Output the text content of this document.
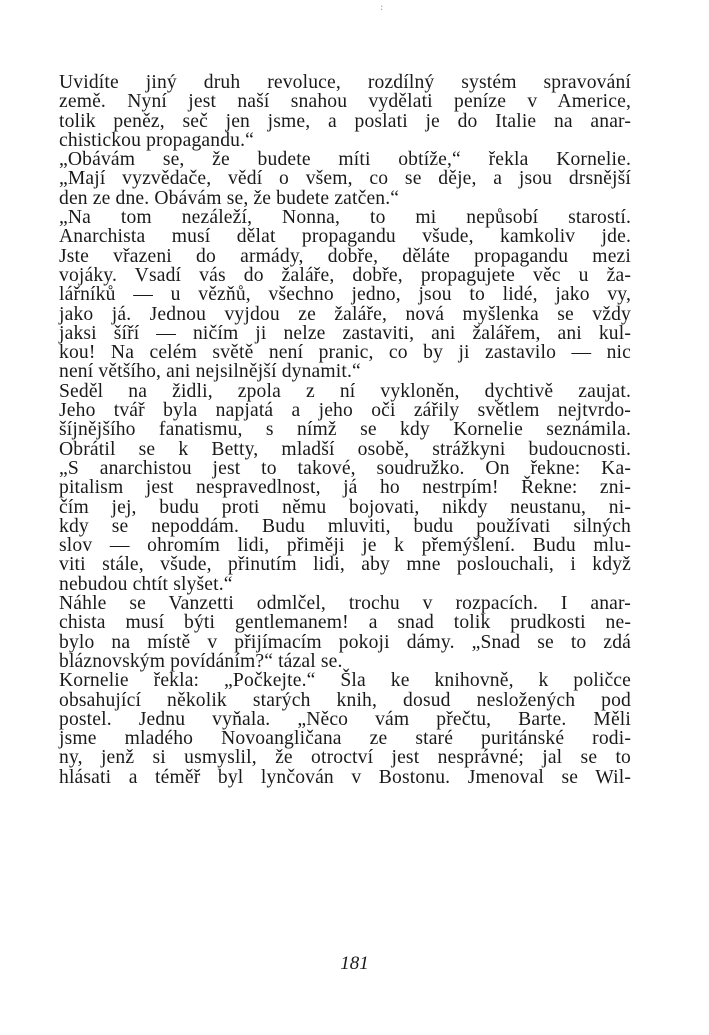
:
Uvidíte jiný druh revoluce, rozdílný systém spravování
země. Nyní jest naší snahou vydělati peníze v Americe,
tolik peněz, seč jen jsme, a poslati je do Italie na anar-
chistickou propagandu.“
„Obávám se, že budete míti obtíže,“ řekla Kornelie.
„Mají vyzvědače, vědí o všem, co se děje, a jsou drsnější
den ze dne. Obávám se, že budete zatčen.“
„Na tom nezáleží, Nonna, to mi nepůsobí starostí.
Anarchista musí dělat propagandu všude, kamkoliv jde.
Jste vřazeni do armády, dobře, děláte propagandu mezi
vojáky. Vsadí vás do žaláře, dobře, propagujete věc u ža-
lářníků — u vězňů, všechno jedno, jsou to lidé, jako vy,
jako já. Jednou vyjdou ze žaláře, nová myšlenka se vždy
jaksi šíří — ničím ji nelze zastaviti, ani žalářem, ani kul-
kou! Na celém světě není pranic, co by ji zastavilo — nic
není většího, ani nejsilnější dynamit.“
Seděl na židli, zpola z ní vykloněn, dychtivě zaujat.
Jeho tvář byla napjatá a jeho oči zářily světlem nejtvrdo-
šíjnějšího fanatismu, s nímž se kdy Kornelie seznámila.
Obrátil se k Betty, mladší osobě, strážkyni budoucnosti.
„S anarchistou jest to takové, soudružko. On řekne: Ka-
pitalism jest nespravedlnost, já ho nestrpím! Řekne: zni-
čím jej, budu proti němu bojovati, nikdy neustanu, ni-
kdy se nepoddám. Budu mluviti, budu používati silných
slov — ohromím lidi, přiměji je k přemýšlení. Budu mlu-
viti stále, všude, přinutím lidi, aby mne poslouchali, i když
nebudou chtít slyšet.“
Náhle se Vanzetti odmlčel, trochu v rozpacích. I anar-
chista musí býti gentlemanem! a snad tolik prudkosti ne-
bylo na místě v přijímacím pokoji dámy. „Snad se to zdá
bláznovským povídáním?“ tázal se.
Kornelie řekla: „Počkejte.“ Šla ke knihovně, k poličce
obsahující několik starých knih, dosud nesložených pod
postel. Jednu vyňala. „Něco vám přečtu, Barte. Měli
jsme mladého Novoangličana ze staré puritánské rodi-
ny, jenž si usmyslil, že otroctví jest nesprávné; jal se to
hlásati a téměř byl lynčován v Bostonu. Jmenoval se Wil-
181
